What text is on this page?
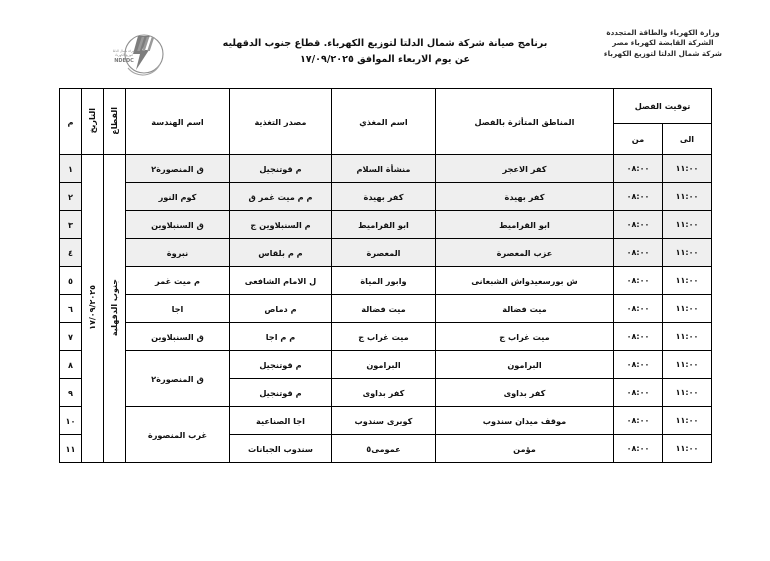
وزارة الكهرباء والطاقة المتجددة
الشركة القابضة لكهرباء مصر
شركة شمال الدلتا لتوزيع الكهرباء
برنامج صيانة شركة شمال الدلتا لتوزيع الكهرباء. قطاع جنوب الدقهليه
عن يوم الاربعاء الموافق ١٧/٠٩/٢٠٢٥
شركة شمال الدلتا
لتوزيع الكهرباء
NDEDC
توقيت الفصل		المناطق المتأثرة بالفصل	اسم المغذي	مصدر التغذية	اسم الهندسة	القطاع	التاريخ	م
الى	من							

١١:٠٠	٠٨:٠٠	كفر الاعجر	منشأة السلام	م قوتنجيل	ق المنصورة٢	جنوب الدقهلية	١٧/٠٩/٢٠٢٥	١

١١:٠٠	٠٨:٠٠	كفر بهيدة	كفر بهيدة	م م ميت غمر ق	كوم النور			٢

١١:٠٠	٠٨:٠٠	ابو القراميط	ابو القراميط	م السنبلاوين ج	ق السنبلاوين			٣

١١:٠٠	٠٨:٠٠	عزب المعصرة	المعصرة	م م بلقاس	نبروة			٤

١١:٠٠	٠٨:٠٠	ش بورسعيدواش الشبعانى	وابور المياة	ل الامام الشافعى	م ميت غمر			٥

١١:٠٠	٠٨:٠٠	ميت فضالة	ميت فضالة	م دماص	اجا			٦

١١:٠٠	٠٨:٠٠	ميت غراب ج	ميت غراب ج	م م اجا	ق السنبلاوين			٧

١١:٠٠	٠٨:٠٠	البرامون	البرامون	م قوتنجيل	ق المنصورة٢			٨

١١:٠٠	٠٨:٠٠	كفر بداوى	كفر بداوى	م قوتنجيل				٩

١١:٠٠	٠٨:٠٠	موقف ميدان سندوب	كوبرى سندوب	اجا الصناعية	غرب المنصورة			١٠

١١:٠٠	٠٨:٠٠	مؤمن	عمومى٥	سندوب الجبانات				١١
